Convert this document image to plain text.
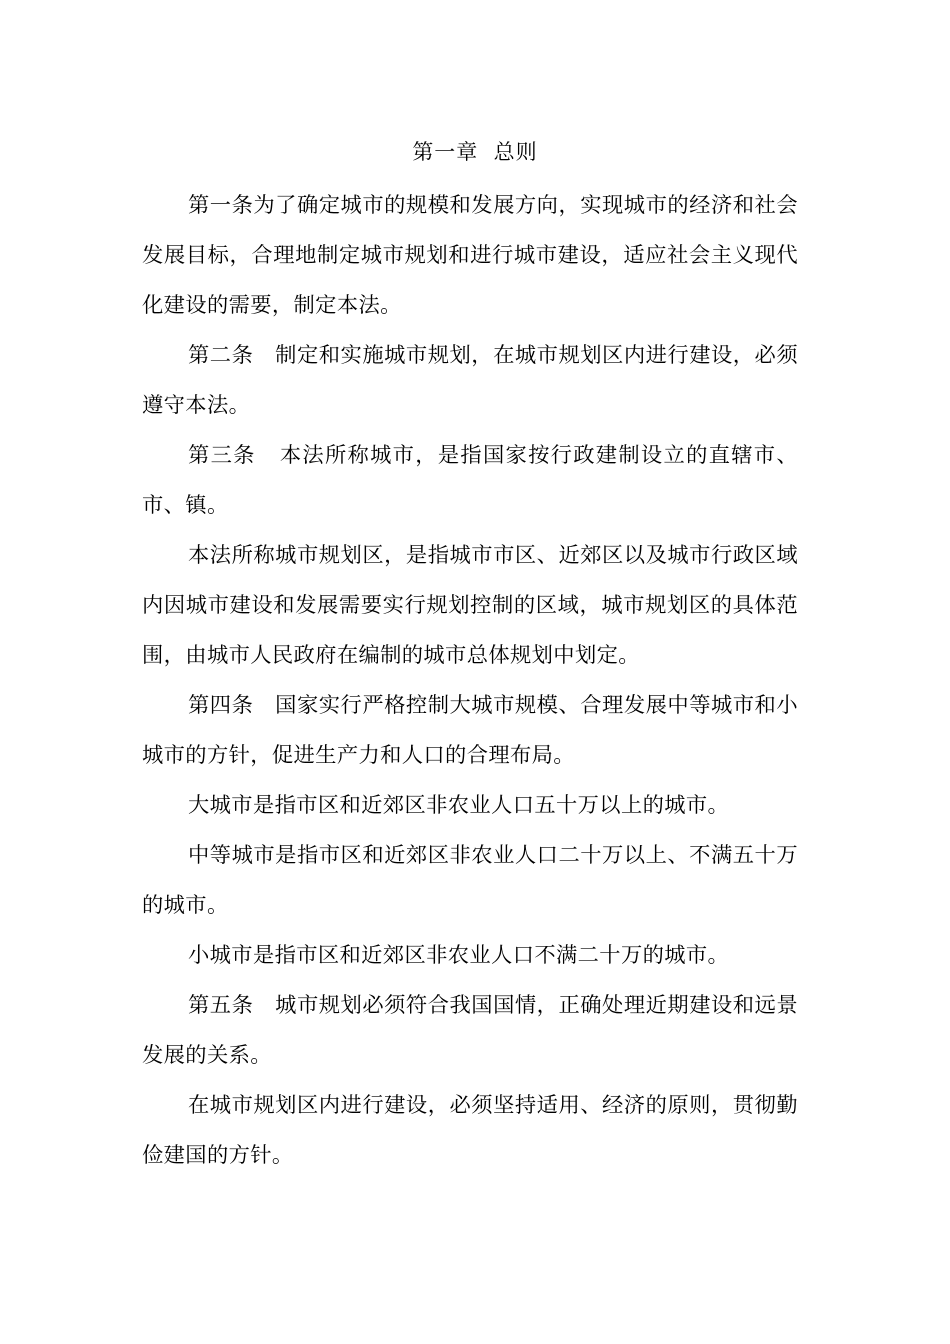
第一章  总则

第一条为了确定城市的规模和发展方向，实现城市的经济和社会发展目标，合理地制定城市规划和进行城市建设，适应社会主义现代化建设的需要，制定本法。

第二条   制定和实施城市规划，在城市规划区内进行建设，必须遵守本法。

第三条   本法所称城市，是指国家按行政建制设立的直辖市、市、镇。

本法所称城市规划区，是指城市市区、近郊区以及城市行政区域内因城市建设和发展需要实行规划控制的区域，城市规划区的具体范围，由城市人民政府在编制的城市总体规划中划定。

第四条   国家实行严格控制大城市规模、合理发展中等城市和小城市的方针，促进生产力和人口的合理布局。

大城市是指市区和近郊区非农业人口五十万以上的城市。

中等城市是指市区和近郊区非农业人口二十万以上、不满五十万的城市。

小城市是指市区和近郊区非农业人口不满二十万的城市。

第五条   城市规划必须符合我国国情，正确处理近期建设和远景发展的关系。

在城市规划区内进行建设，必须坚持适用、经济的原则，贯彻勤俭建国的方针。
